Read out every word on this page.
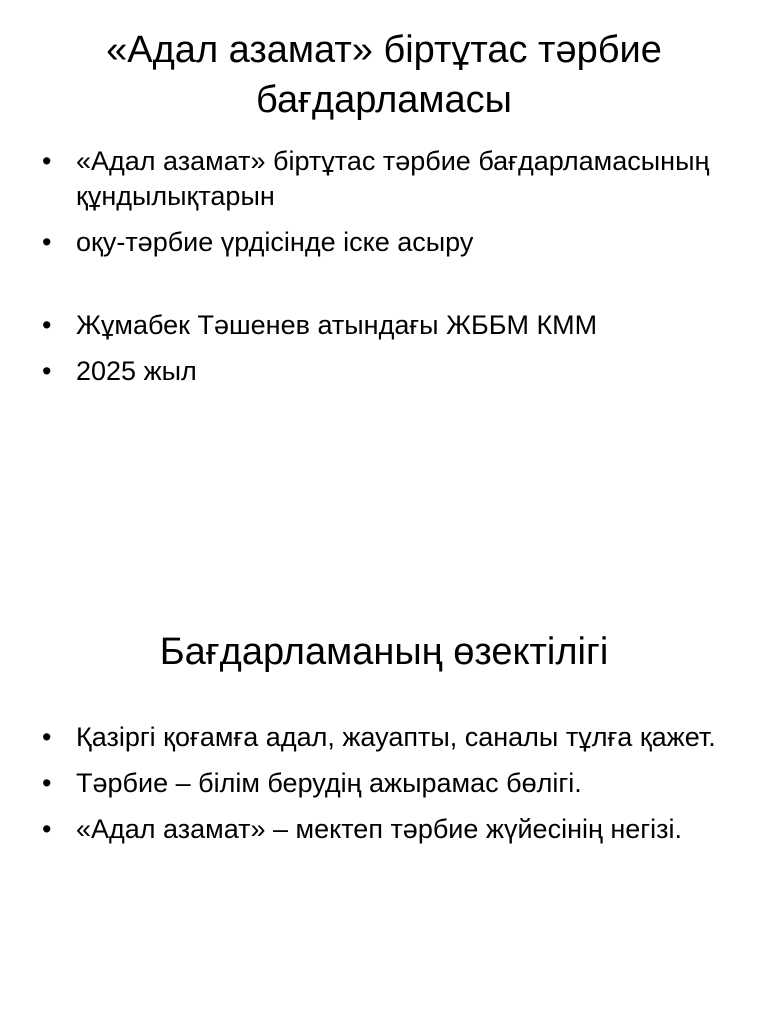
«Адал азамат» біртұтас тәрбие бағдарламасы
• «Адал азамат» біртұтас тәрбие бағдарламасының құндылықтарын
• оқу-тәрбие үрдісінде іске асыру
• Жұмабек Тәшенев атындағы ЖББМ КММ
• 2025 жыл
Бағдарламаның өзектілігі
• Қазіргі қоғамға адал, жауапты, саналы тұлға қажет.
• Тәрбие – білім берудің ажырамас бөлігі.
• «Адал азамат» – мектеп тәрбие жүйесінің негізі.
